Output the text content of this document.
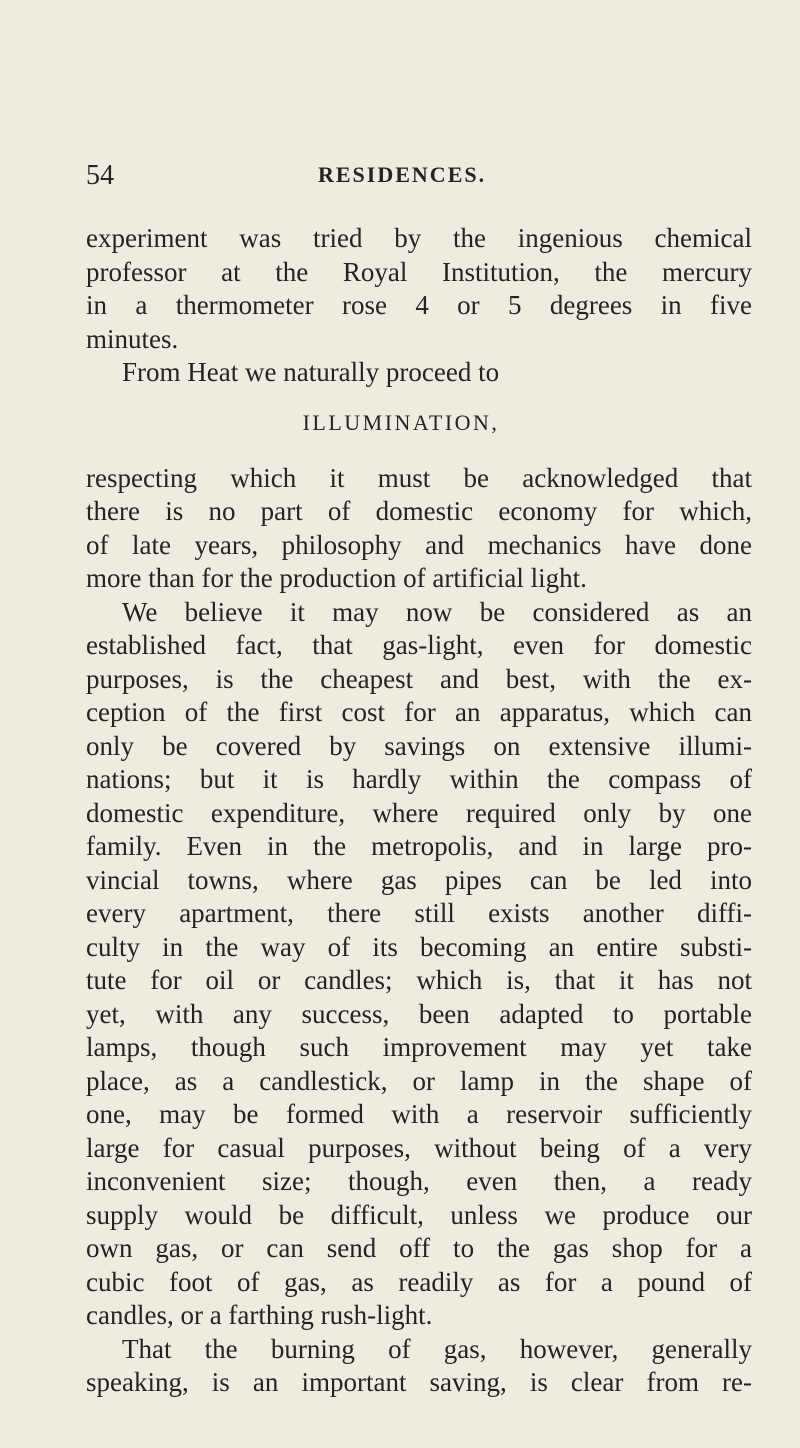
54	RESIDENCES.
experiment was tried by the ingenious chemical
professor at the Royal Institution, the mercury
in a thermometer rose 4 or 5 degrees in five
minutes.
From Heat we naturally proceed to
ILLUMINATION,
respecting which it must be acknowledged that
there is no part of domestic economy for which,
of late years, philosophy and mechanics have done
more than for the production of artificial light.
We believe it may now be considered as an
established fact, that gas-light, even for domestic
purposes, is the cheapest and best, with the ex-
ception of the first cost for an apparatus, which can
only be covered by savings on extensive illumi-
nations; but it is hardly within the compass of
domestic expenditure, where required only by one
family. Even in the metropolis, and in large pro-
vincial towns, where gas pipes can be led into
every apartment, there still exists another diffi-
culty in the way of its becoming an entire substi-
tute for oil or candles; which is, that it has not
yet, with any success, been adapted to portable
lamps, though such improvement may yet take
place, as a candlestick, or lamp in the shape of
one, may be formed with a reservoir sufficiently
large for casual purposes, without being of a very
inconvenient size; though, even then, a ready
supply would be difficult, unless we produce our
own gas, or can send off to the gas shop for a
cubic foot of gas, as readily as for a pound of
candles, or a farthing rush-light.
That the burning of gas, however, generally
speaking, is an important saving, is clear from re-
